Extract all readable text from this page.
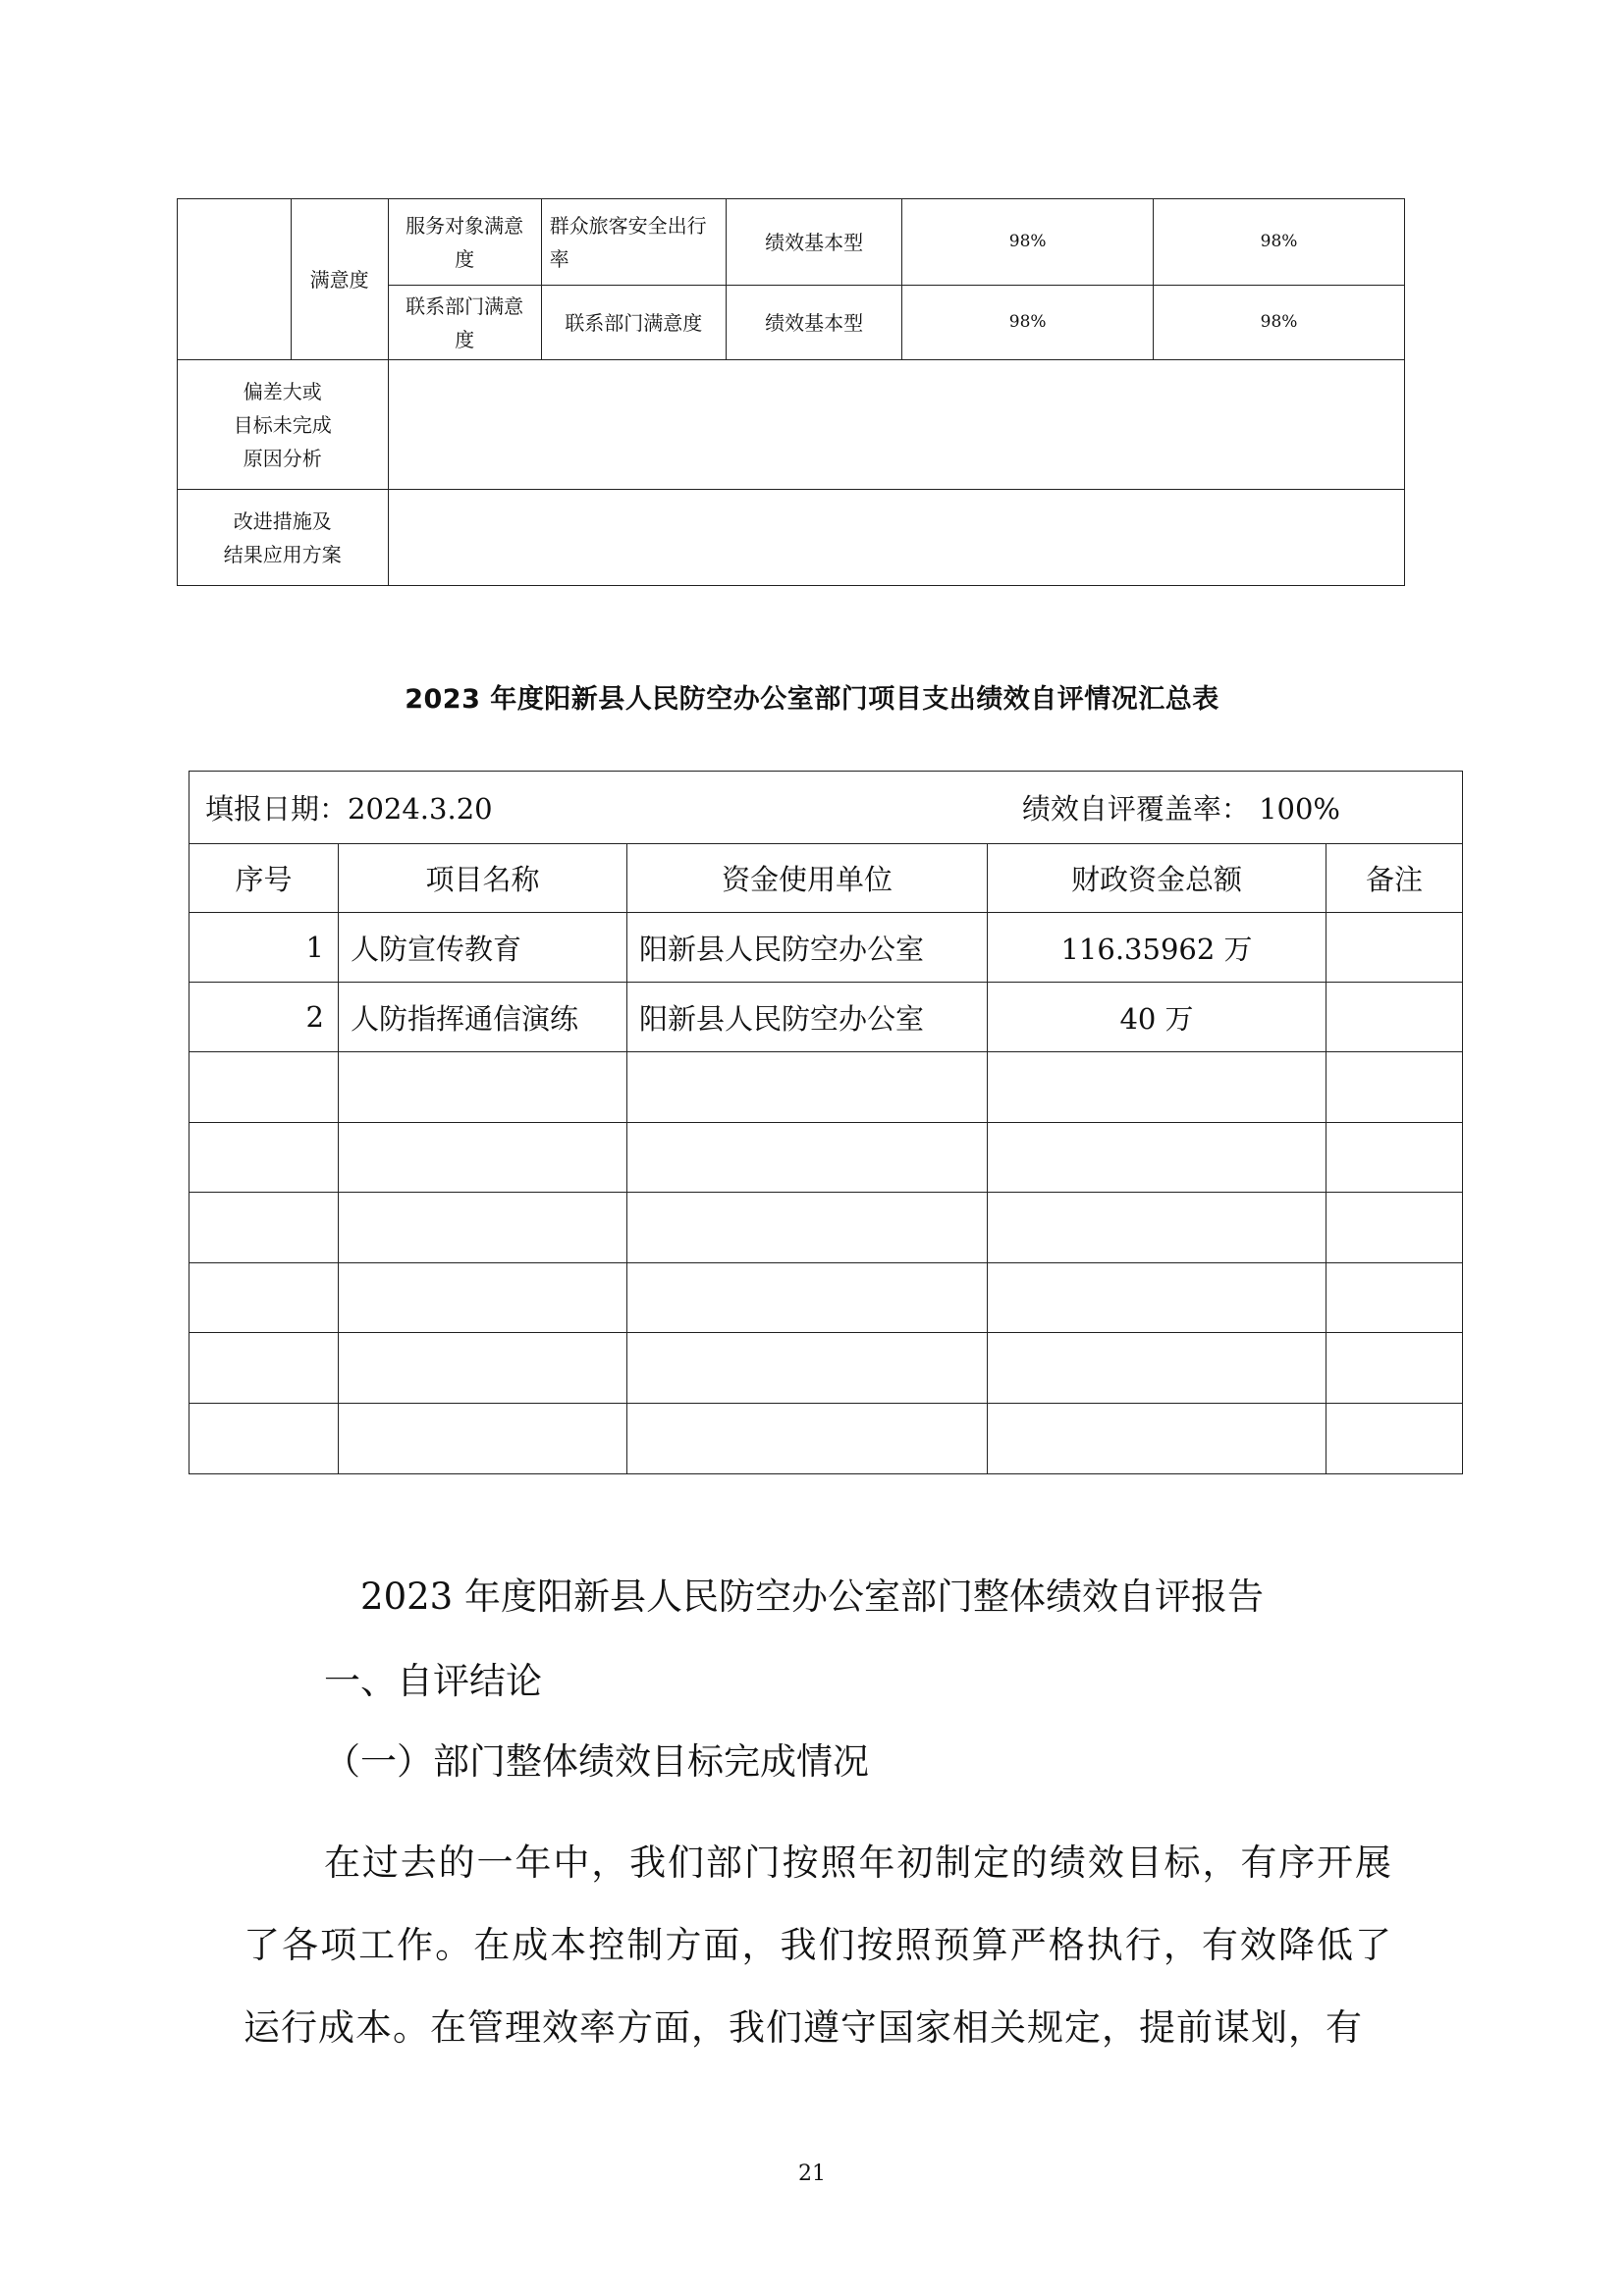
	满意度	服务对象满意度	群众旅客安全出行率	绩效基本型	98%	98%
		联系部门满意度	联系部门满意度	绩效基本型	98%	98%

偏差大或
目标未完成
原因分析						

改进措施及
结果应用方案						

2023 年度阳新县人民防空办公室部门项目支出绩效自评情况汇总表
填报日期：2024.3.20 绩效自评覆盖率： 100%				

序号	项目名称	资金使用单位	财政资金总额	备注
1	人防宣传教育	阳新县人民防空办公室	116.35962 万	
2	人防指挥通信演练	阳新县人民防空办公室	40 万	

2023 年度阳新县人民防空办公室部门整体绩效自评报告
一、自评结论
（一）部门整体绩效目标完成情况
在过去的一年中，我们部门按照年初制定的绩效目标，有序开展了各项工作。在成本控制方面，我们按照预算严格执行，有效降低了运行成本。在管理效率方面，我们遵守国家相关规定，提前谋划，有
21
